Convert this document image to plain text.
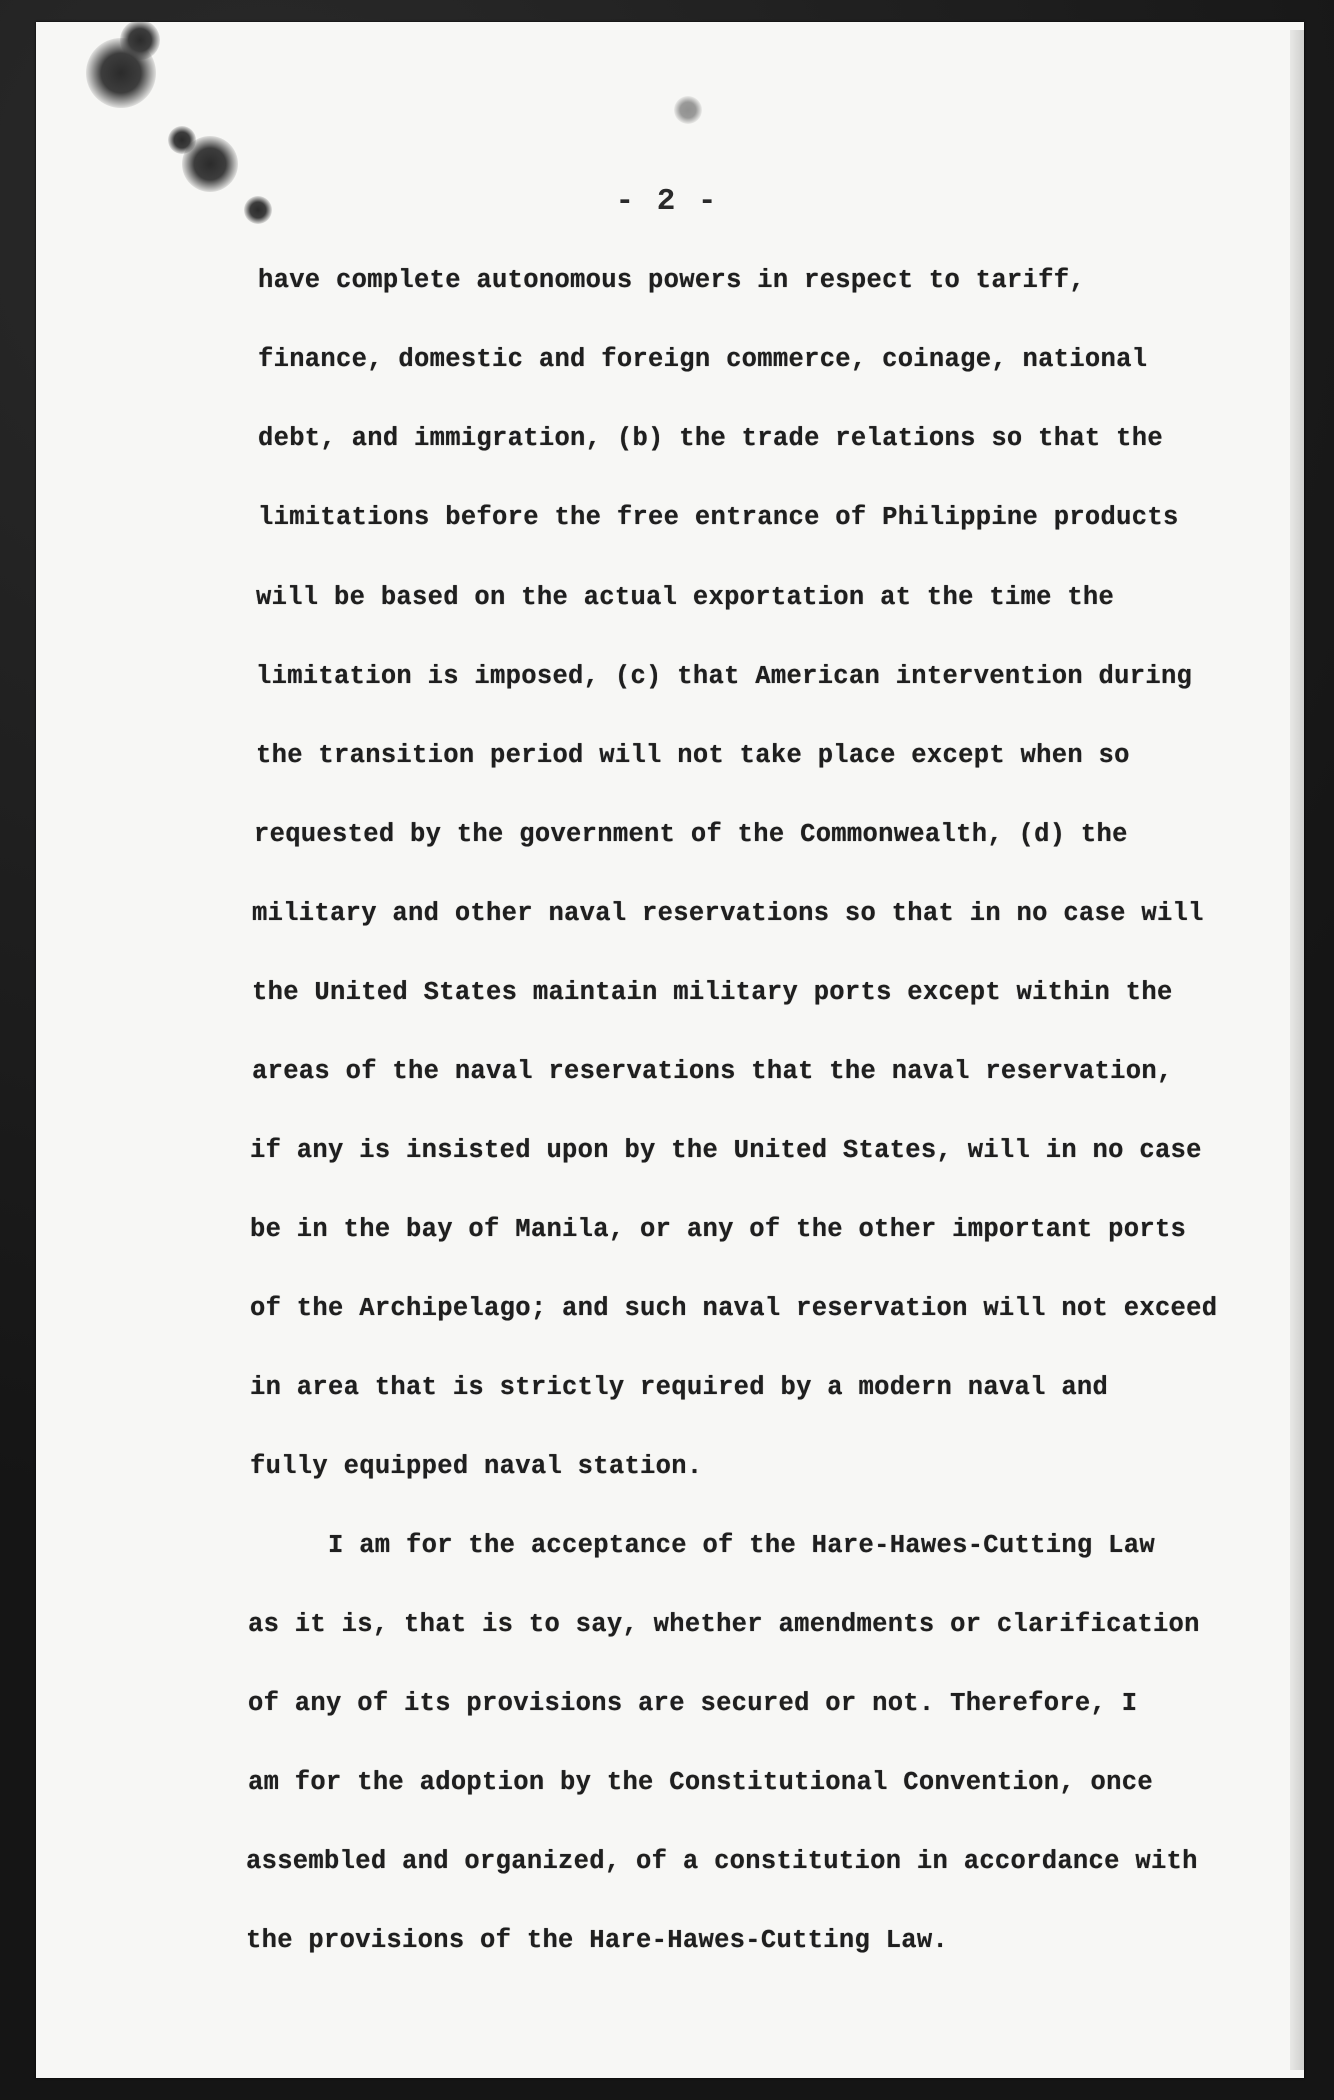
- 2 -
have complete autonomous powers in respect to tariff,
finance, domestic and foreign commerce, coinage, national
debt, and immigration, (b) the trade relations so that the
limitations before the free entrance of Philippine products
will be based on the actual exportation at the time the
limitation is imposed, (c) that American intervention during
the transition period will not take place except when so
requested by the government of the Commonwealth, (d) the
military and other naval reservations so that in no case will
the United States maintain military ports except within the
areas of the naval reservations that the naval reservation,
if any is insisted upon by the United States, will in no case
be in the bay of Manila, or any of the other important ports
of the Archipelago; and such naval reservation will not exceed
in area that is strictly required by a modern naval and
fully equipped naval station.
I am for the acceptance of the Hare-Hawes-Cutting Law
as it is, that is to say, whether amendments or clarification
of any of its provisions are secured or not. Therefore, I
am for the adoption by the Constitutional Convention, once
assembled and organized, of a constitution in accordance with
the provisions of the Hare-Hawes-Cutting Law.
